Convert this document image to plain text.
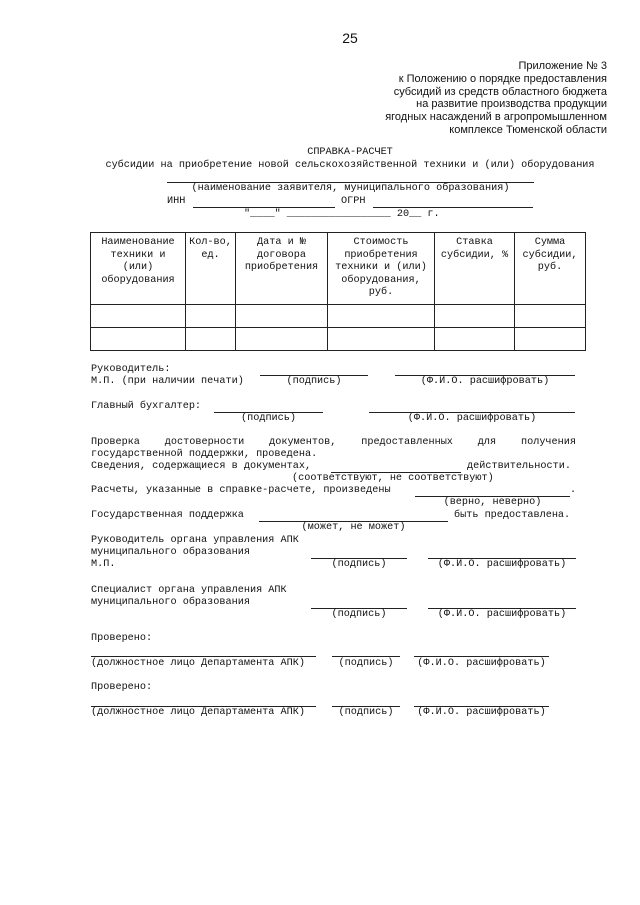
25
Приложение № 3
к Положению о порядке предоставления
субсидий из средств областного бюджета
на развитие производства продукции
ягодных насаждений в агропромышленном
комплексе Тюменской области
СПРАВКА-РАСЧЕТ
субсидии на приобретение новой сельскохозяйственной техники и (или) оборудования
(наименование заявителя, муниципального образования)
ИНН	ОГРН
"____" _________________ 20__ г.
Наименование техники и (или) оборудования	Кол-во, ед.	Дата и № договора приобретения	Стоимость приобретения техники и (или) оборудования, руб.	Ставка субсидии, %	Сумма субсидии, руб.

Руководитель:
М.П. (при наличии печати)	(подпись)	(Ф.И.О. расшифровать)
Главный бухгалтер:
(подпись)	(Ф.И.О. расшифровать)
Проверка достоверности документов, предоставленных для получения
государственной поддержки, проведена.
Сведения, содержащиеся в документах,	действительности.
(соответствуют, не соответствуют)
Расчеты, указанные в справке-расчете, произведены	.
(верно, неверно)
Государственная поддержка	быть предоставлена.
(может, не может)
Руководитель органа управления АПК
муниципального образования
М.П.	(подпись)	(Ф.И.О. расшифровать)
Специалист органа управления АПК
муниципального образования
(подпись)	(Ф.И.О. расшифровать)
Проверено:
(должностное лицо Департамента АПК)	(подпись)	(Ф.И.О. расшифровать)
Проверено:
(должностное лицо Департамента АПК)	(подпись)	(Ф.И.О. расшифровать)
